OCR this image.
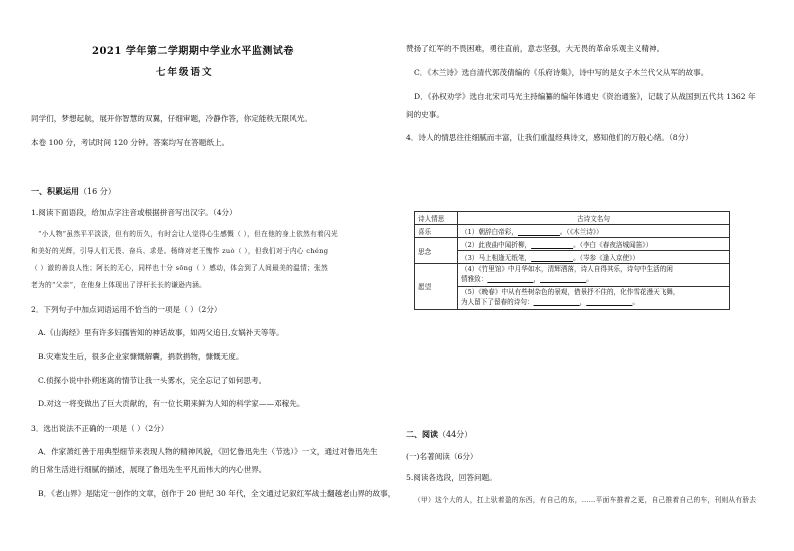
2021 学年第二学期期中学业水平监测试卷
七年级语文
同学们，梦想起航，展开你智慧的双翼，仔细审题，冷静作答，你定能秩无限风光。
本卷 100 分，考试时间 120 分钟。答案均写在答题纸上。
一、积累运用（16 分）
1.阅读下面语段，给加点字注音或根据拼音写出汉字。（4分）
“小人物”虽然平平淡淡，但有的历久，有时会让人觉得心生感慨（ ），但在他的身上依然有着闪光
和美好的光辉，引导人们无畏、奋兵、求是。杨绛对老王愧怍 zuò（ ），但我们对于内心 chéng
（ ）澈的善良人性；阿长的无心，同样也十分 sōng（ ）感动，体会到了人间最美的温情；张然
老为的“父亲”，在他身上体现出了浮杆长长的谦逊内涵。
2．下列句子中加点词语运用不恰当的一项是（ ）（2分）
A.《山海经》里有许多妇孺皆知的神话故事，如两父追日,女娲补天等等。
B.灾难发生后，很多企业家慷慨解囊，捐款捐物，慷慨无度。
C.侦探小说中扑朔迷离的情节让我一头雾水，完全忘记了如何思考。
D.对这一将变做出了巨大贡献的，有一位长期来鲜为人知的科学家——邓稼先。
3．选出说法不正确的一项是（ ）（2分）
A．作家萧红善于用典型细节来表现人物的精神风貌，《回忆鲁迅先生（节选）》一文，通过对鲁迅先生
的日常生活进行细腻的描述，展现了鲁迅先生平凡而伟大的内心世界。
B．《老山界》是陆定一创作的文章，创作于 20 世纪 30 年代，全文通过记叙红军战士翻越老山界的故事，
赞扬了红军的不畏困难，勇往直前，意志坚强，大无畏的革命乐观主义精神。
C．《木兰诗》选自清代郭茂倩编的《乐府诗集》，诗中写的是女子木兰代父从军的故事。
D．《孙权劝学》选自北宋司马光主持编纂的编年体通史《资治通鉴》，记载了从战国到五代共 1362 年
间的史事。
4．诗人的情思往往细腻而丰富，让我们重温经典诗文，感知他们的万般心绪。（8分）
诗人情思	古诗文名句
喜乐	（1）朝辞白帝彩， 。（《木兰诗》）
思念	（2）此夜曲中闻折柳， 。（李白《春夜洛城闻笛》）
	（3）马上相逢无纸笔， 。（岑参《逢入京使》）
愿望	（4）《竹里馆》中月华如水，清辉洒落，诗人自得其乐，诗句中生活的闲
情雅致： ， 。
	（5）《晚春》中从有些树杂色的景观，借景抒不住的，化作雪花漫天飞舞，
为人留下了留春的诗句： ， 。
二、阅读（44分）
(一)名著阅读（6分）
5.阅读各选段，回答问题。
（甲）这个大的人，扛上驮着盈的东西，有自己的东，……平面车推着之更，自己推着自己的车，刊则从有骄去
